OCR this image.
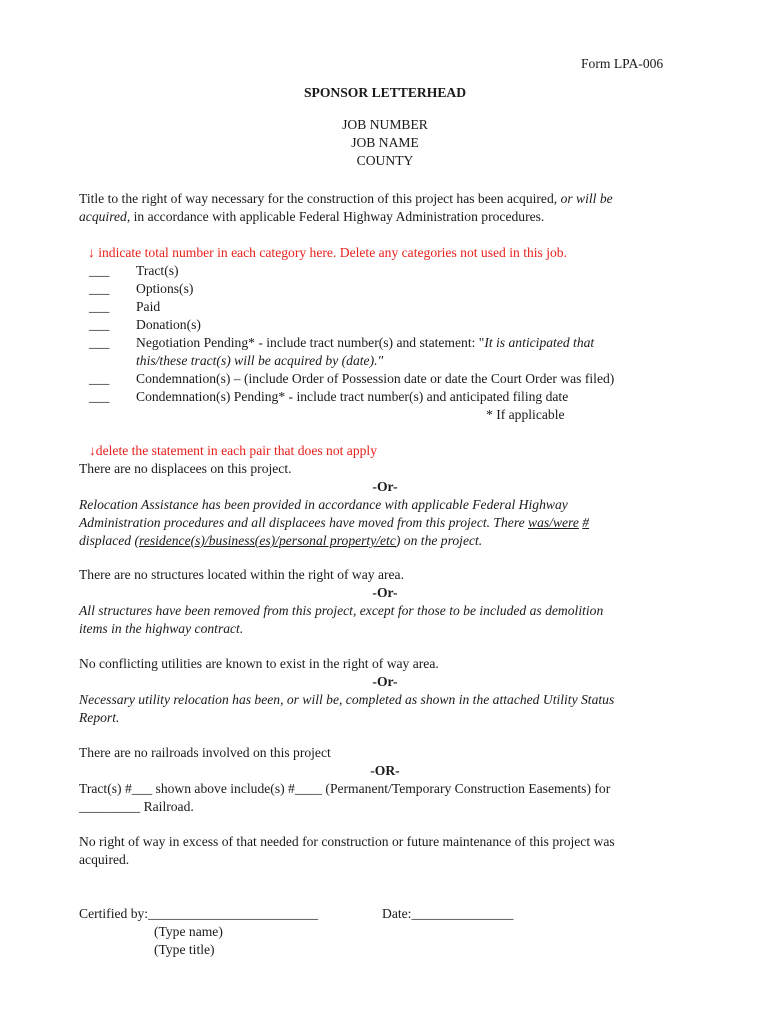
Form LPA-006
SPONSOR LETTERHEAD
JOB NUMBER
JOB NAME
COUNTY
Title to the right of way necessary for the construction of this project has been acquired, or will be
acquired, in accordance with applicable Federal Highway Administration procedures.
↓ indicate total number in each category here. Delete any categories not used in this job.
___ Tract(s)
___ Options(s)
___ Paid
___ Donation(s)
___ Negotiation Pending* - include tract number(s) and statement: "It is anticipated that
this/these tract(s) will be acquired by (date)."
___ Condemnation(s) – (include Order of Possession date or date the Court Order was filed)
___ Condemnation(s) Pending* - include tract number(s) and anticipated filing date
* If applicable
↓delete the statement in each pair that does not apply
There are no displacees on this project.
-Or-
Relocation Assistance has been provided in accordance with applicable Federal Highway
Administration procedures and all displacees have moved from this project. There was/were #
displaced (residence(s)/business(es)/personal property/etc) on the project.
There are no structures located within the right of way area.
-Or-
All structures have been removed from this project, except for those to be included as demolition
items in the highway contract.
No conflicting utilities are known to exist in the right of way area.
-Or-
Necessary utility relocation has been, or will be, completed as shown in the attached Utility Status
Report.
There are no railroads involved on this project
-OR-
Tract(s) #___ shown above include(s) #____ (Permanent/Temporary Construction Easements) for
_________ Railroad.
No right of way in excess of that needed for construction or future maintenance of this project was
acquired.
Certified by:_________________________	Date:_______________
(Type name)
(Type title)
